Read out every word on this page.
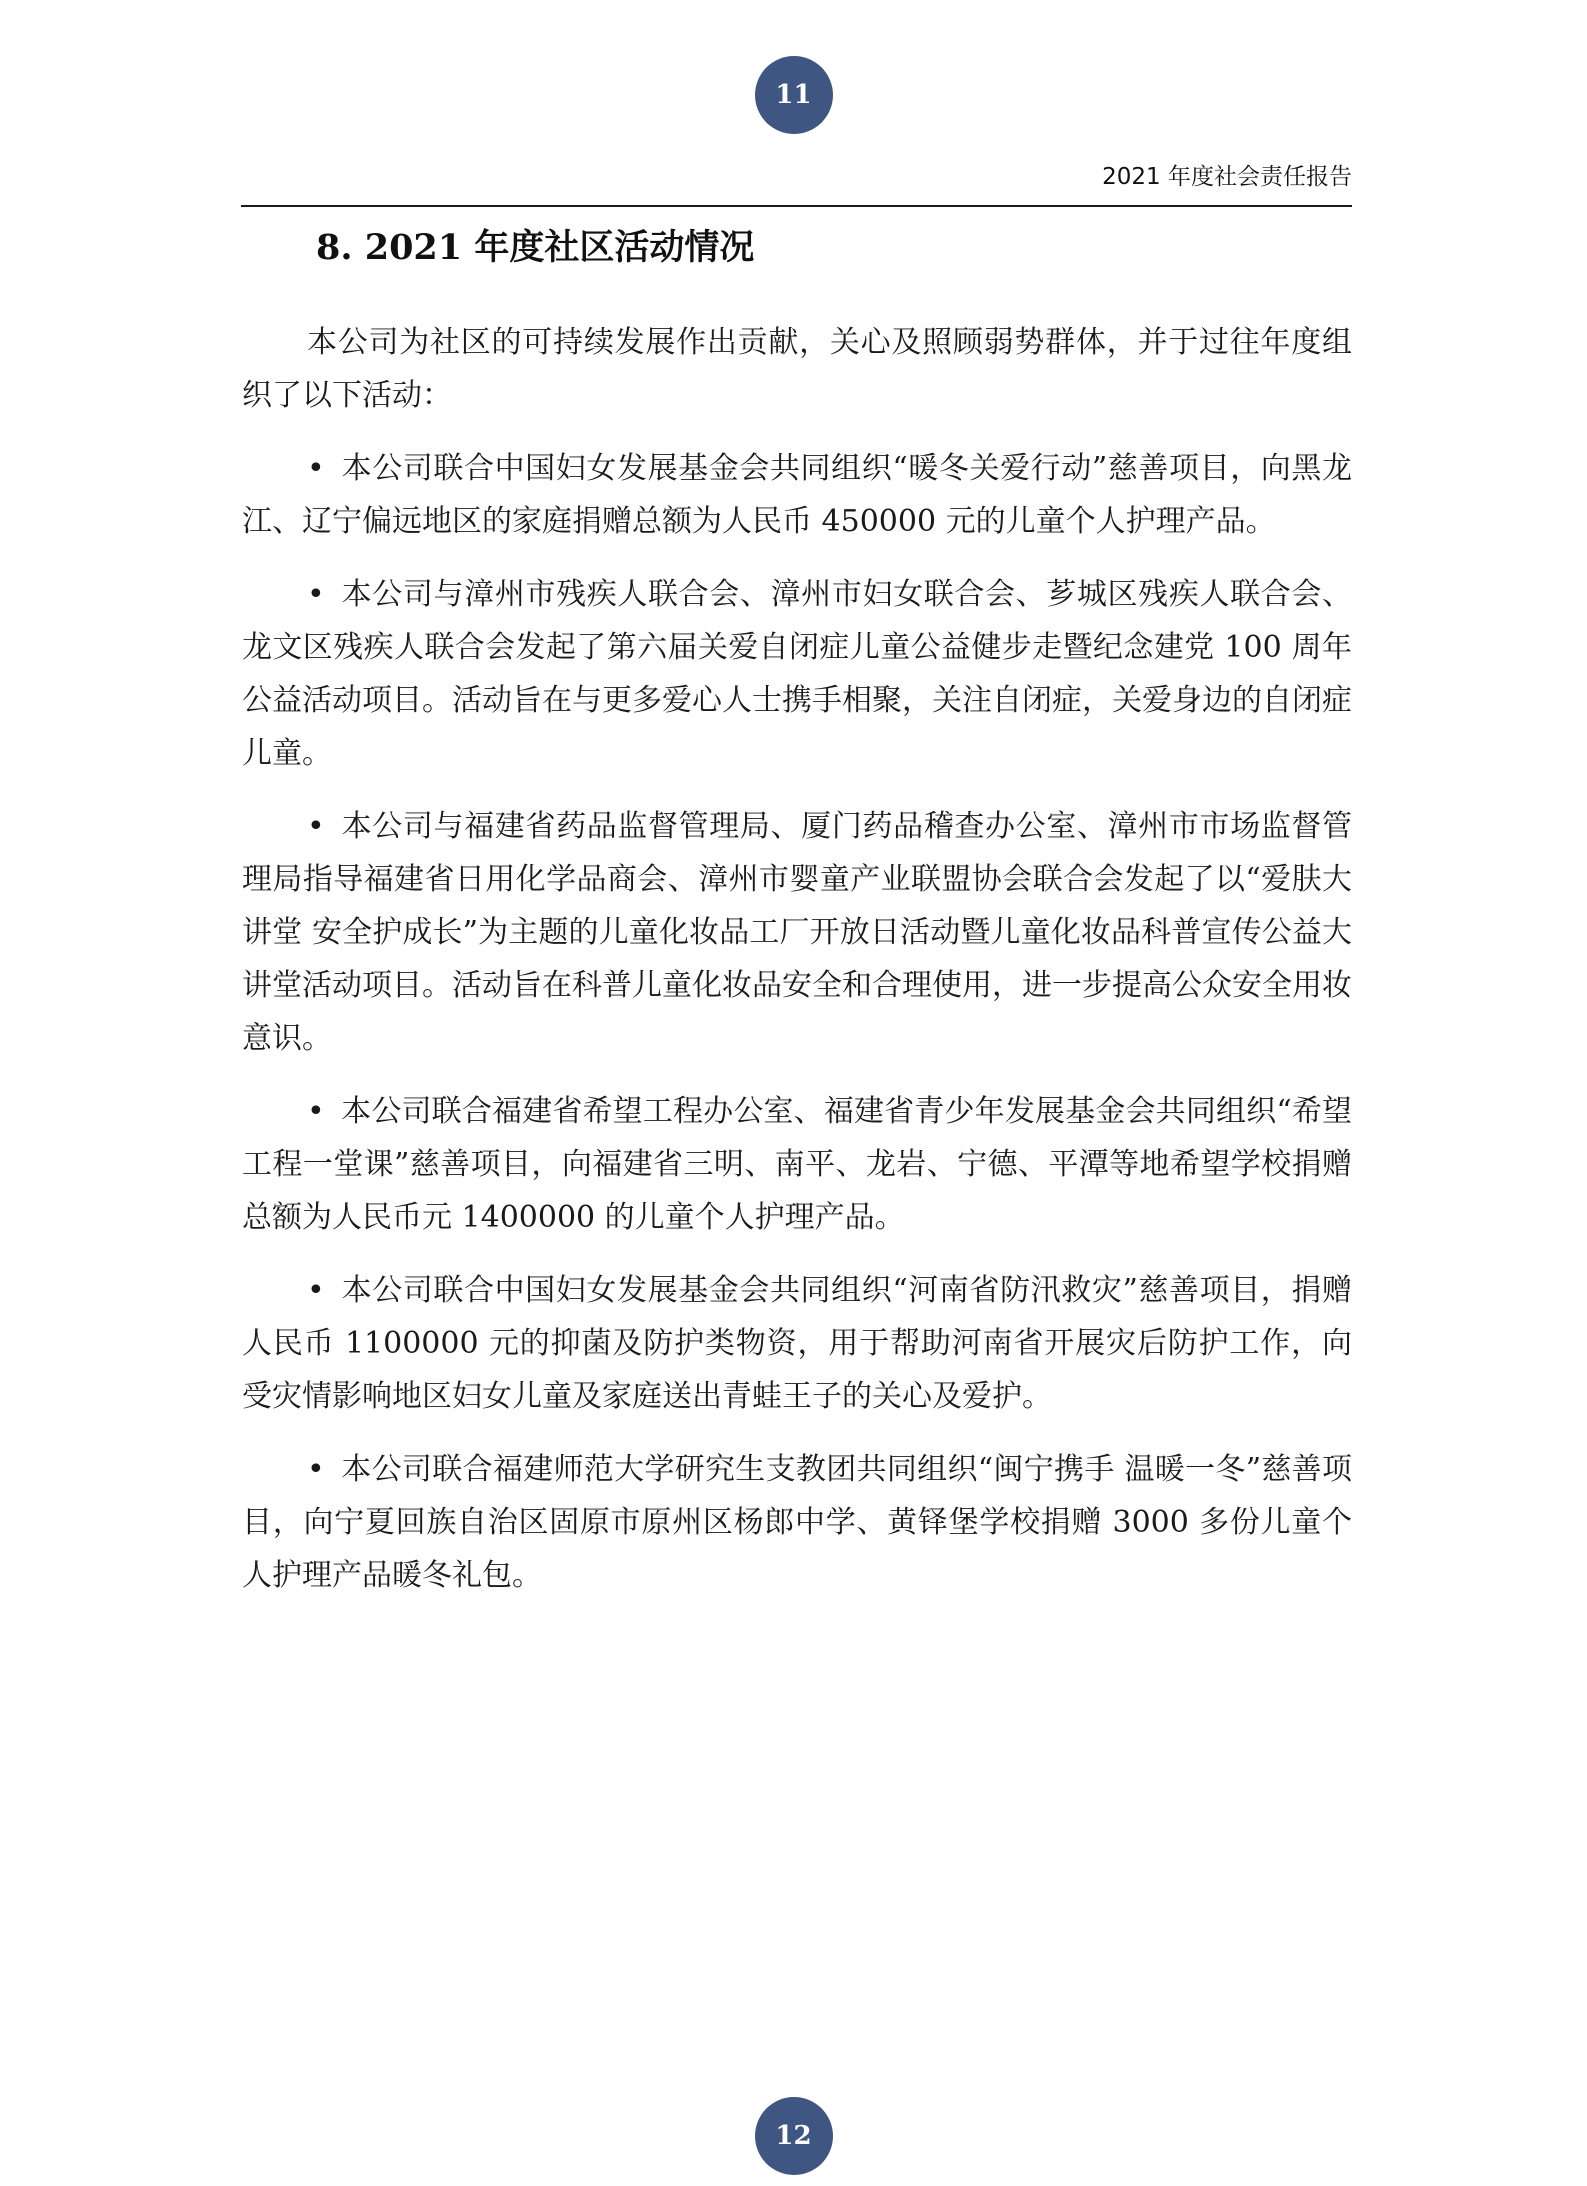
11
2021 年度社会责任报告
8. 2021 年度社区活动情况

本公司为社区的可持续发展作出贡献，关心及照顾弱势群体，并于过往年度组织了以下活动：

• 本公司联合中国妇女发展基金会共同组织“暖冬关爱行动”慈善项目，向黑龙江、辽宁偏远地区的家庭捐赠总额为人民币 450000 元的儿童个人护理产品。

• 本公司与漳州市残疾人联合会、漳州市妇女联合会、芗城区残疾人联合会、龙文区残疾人联合会发起了第六届关爱自闭症儿童公益健步走暨纪念建党 100 周年公益活动项目。活动旨在与更多爱心人士携手相聚，关注自闭症，关爱身边的自闭症儿童。

• 本公司与福建省药品监督管理局、厦门药品稽查办公室、漳州市市场监督管理局指导福建省日用化学品商会、漳州市婴童产业联盟协会联合会发起了以“爱肤大讲堂 安全护成长”为主题的儿童化妆品工厂开放日活动暨儿童化妆品科普宣传公益大讲堂活动项目。活动旨在科普儿童化妆品安全和合理使用，进一步提高公众安全用妆意识。

• 本公司联合福建省希望工程办公室、福建省青少年发展基金会共同组织“希望工程一堂课”慈善项目，向福建省三明、南平、龙岩、宁德、平潭等地希望学校捐赠总额为人民币元 1400000 的儿童个人护理产品。

• 本公司联合中国妇女发展基金会共同组织“河南省防汛救灾”慈善项目，捐赠人民币 1100000 元的抑菌及防护类物资，用于帮助河南省开展灾后防护工作，向受灾情影响地区妇女儿童及家庭送出青蛙王子的关心及爱护。

• 本公司联合福建师范大学研究生支教团共同组织“闽宁携手 温暖一冬”慈善项目，向宁夏回族自治区固原市原州区杨郎中学、黄铎堡学校捐赠 3000 多份儿童个人护理产品暖冬礼包。

12
